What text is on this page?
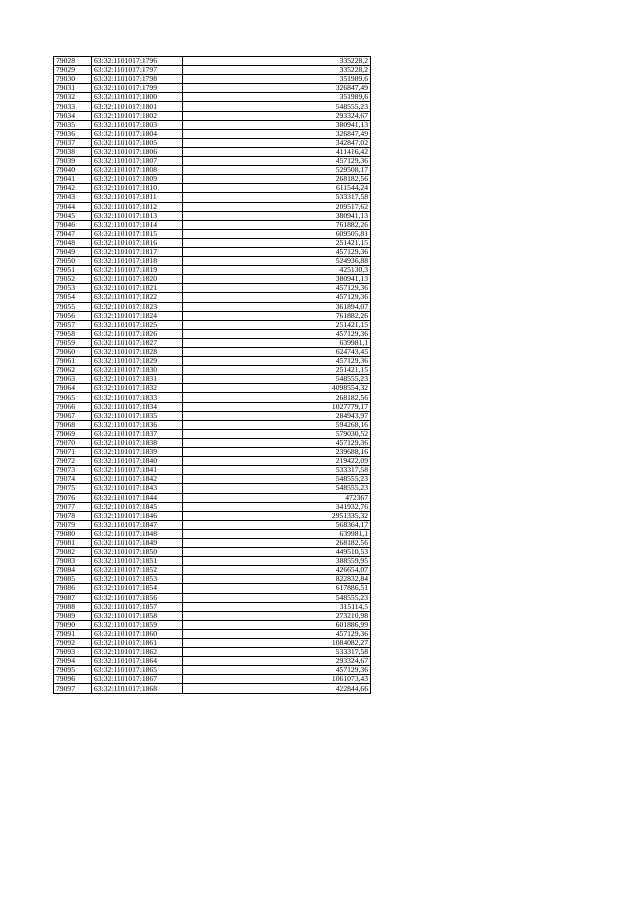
79028	63:32:1101017:1796	335228,2
79029	63:32:1101017:1797	335228,2
79030	63:32:1101017:1798	351989,6
79031	63:32:1101017:1799	326847,49
79032	63:32:1101017:1800	351989,6
79033	63:32:1101017:1801	548555,23
79034	63:32:1101017:1802	293324,67
79035	63:32:1101017:1803	380941,13
79036	63:32:1101017:1804	326847,49
79037	63:32:1101017:1805	342847,02
79038	63:32:1101017:1806	411416,42
79039	63:32:1101017:1807	457129,36
79040	63:32:1101017:1808	529508,17
79041	63:32:1101017:1809	268182,56
79042	63:32:1101017:1810	611544,24
79043	63:32:1101017:1811	533317,58
79044	63:32:1101017:1812	209517,62
79045	63:32:1101017:1813	380941,13
79046	63:32:1101017:1814	761882,26
79047	63:32:1101017:1815	609505,81
79048	63:32:1101017:1816	251421,15
79049	63:32:1101017:1817	457129,36
79050	63:32:1101017:1818	524936,88
79051	63:32:1101017:1819	425130,3
79052	63:32:1101017:1820	380941,13
79053	63:32:1101017:1821	457129,36
79054	63:32:1101017:1822	457129,36
79055	63:32:1101017:1823	361894,07
79056	63:32:1101017:1824	761882,26
79057	63:32:1101017:1825	251421,15
79058	63:32:1101017:1826	457129,36
79059	63:32:1101017:1827	639981,1
79060	63:32:1101017:1828	624743,45
79061	63:32:1101017:1829	457129,36
79062	63:32:1101017:1830	251421,15
79063	63:32:1101017:1831	548555,23
79064	63:32:1101017:1832	4098554,32
79065	63:32:1101017:1833	268182,56
79066	63:32:1101017:1834	1027779,17
79067	63:32:1101017:1835	284943,97
79068	63:32:1101017:1836	594268,16
79069	63:32:1101017:1837	579030,52
79070	63:32:1101017:1838	457129,36
79071	63:32:1101017:1839	239688,16
79072	63:32:1101017:1840	219422,09
79073	63:32:1101017:1841	533317,58
79074	63:32:1101017:1842	548555,23
79075	63:32:1101017:1843	548555,23
79076	63:32:1101017:1844	472367
79077	63:32:1101017:1845	341932,76
79078	63:32:1101017:1846	2951335,32
79079	63:32:1101017:1847	568364,17
79080	63:32:1101017:1848	639981,1
79081	63:32:1101017:1849	268182,56
79082	63:32:1101017:1850	449510,53
79083	63:32:1101017:1851	388559,95
79084	63:32:1101017:1852	426654,07
79085	63:32:1101017:1853	822832,84
79086	63:32:1101017:1854	617886,51
79087	63:32:1101017:1856	548555,23
79088	63:32:1101017:1857	315114,5
79089	63:32:1101017:1858	273210,98
79090	63:32:1101017:1859	601886,99
79091	63:32:1101017:1860	457129,36
79092	63:32:1101017:1861	1084082,27
79093	63:32:1101017:1862	533317,58
79094	63:32:1101017:1864	293324,67
79095	63:32:1101017:1865	457129,36
79096	63:32:1101017:1867	1061073,43
79097	63:32:1101017:1868	422844,66
